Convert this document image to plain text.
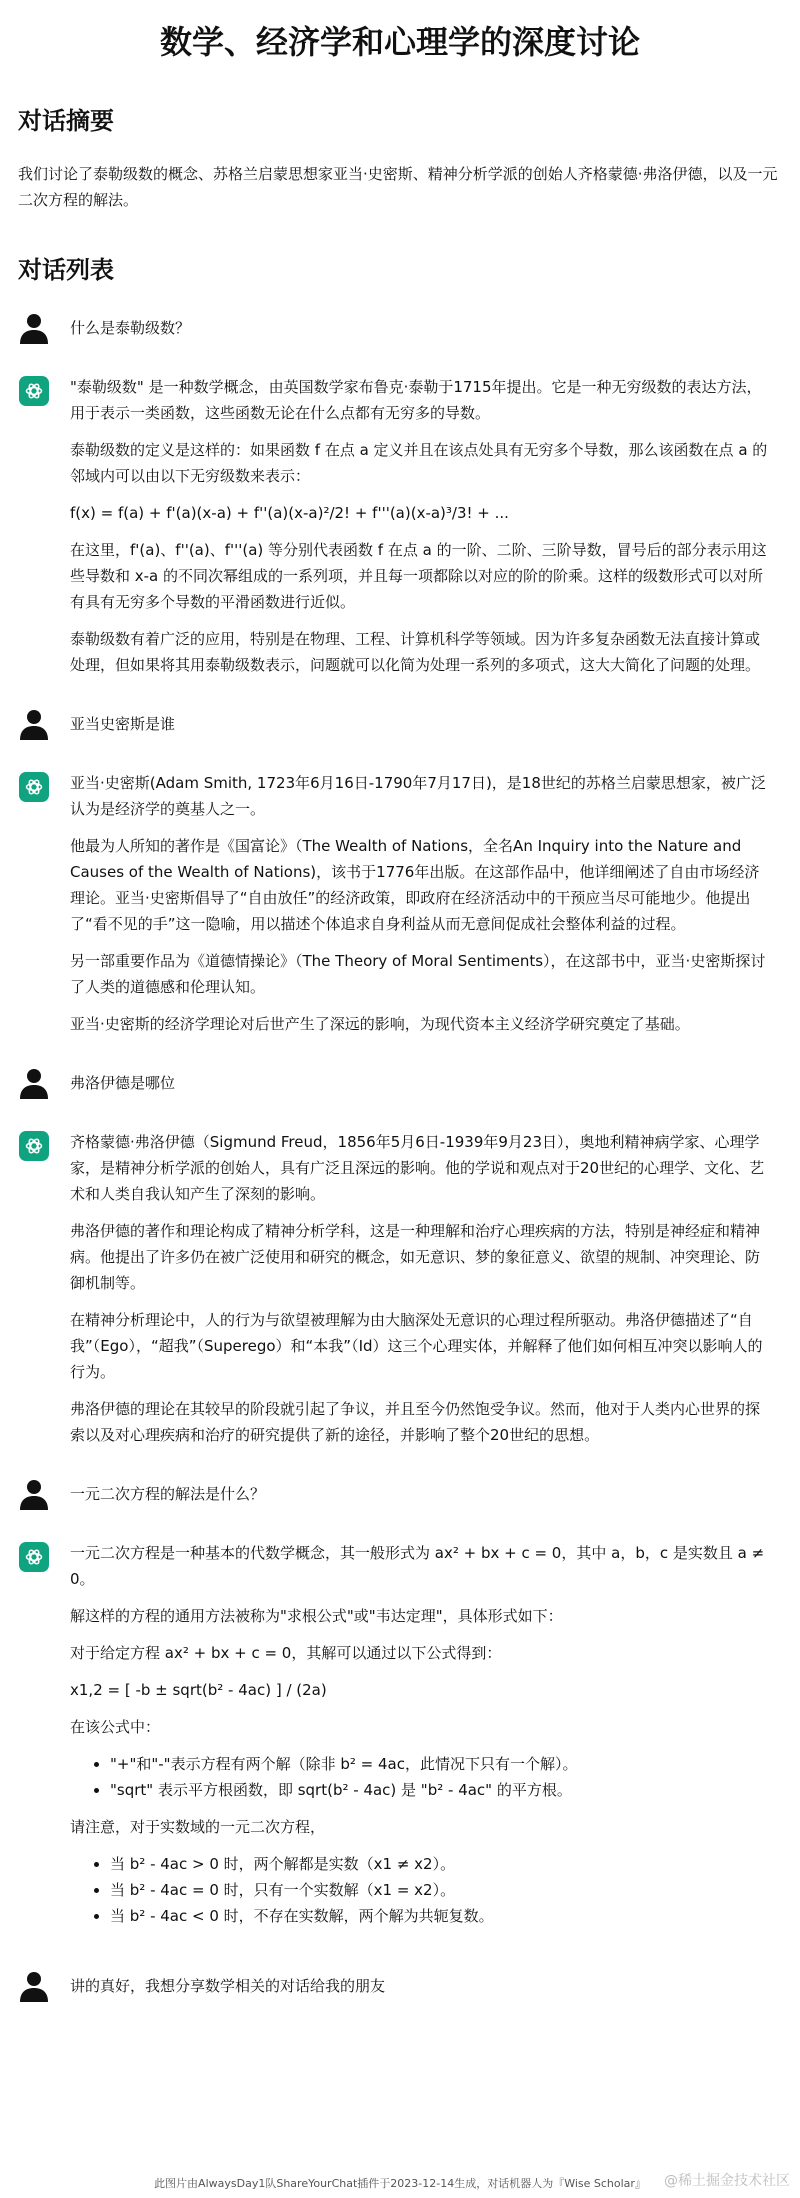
数学、经济学和心理学的深度讨论
对话摘要

我们讨论了泰勒级数的概念、苏格兰启蒙思想家亚当·史密斯、精神分析学派的创始人齐格蒙德·弗洛伊德，以及一元二次方程的解法。

对话列表
什么是泰勒级数？

"泰勒级数" 是一种数学概念，由英国数学家布鲁克·泰勒于1715年提出。它是一种无穷级数的表达方法，用于表示一类函数，这些函数无论在什么点都有无穷多的导数。

泰勒级数的定义是这样的：如果函数 f 在点 a 定义并且在该点处具有无穷多个导数，那么该函数在点 a 的邻域内可以由以下无穷级数来表示：

f(x) = f(a) + f'(a)(x-a) + f''(a)(x-a)²/2! + f'''(a)(x-a)³/3! + ...

在这里，f'(a)、f''(a)、f'''(a) 等分别代表函数 f 在点 a 的一阶、二阶、三阶导数，冒号后的部分表示用这些导数和 x-a 的不同次幂组成的一系列项，并且每一项都除以对应的阶的阶乘。这样的级数形式可以对所有具有无穷多个导数的平滑函数进行近似。

泰勒级数有着广泛的应用，特别是在物理、工程、计算机科学等领域。因为许多复杂函数无法直接计算或处理，但如果将其用泰勒级数表示，问题就可以化简为处理一系列的多项式，这大大简化了问题的处理。

亚当史密斯是谁

亚当·史密斯(Adam Smith, 1723年6月16日-1790年7月17日)，是18世纪的苏格兰启蒙思想家，被广泛认为是经济学的奠基人之一。

他最为人所知的著作是《国富论》（The Wealth of Nations，全名An Inquiry into the Nature and Causes of the Wealth of Nations)，该书于1776年出版。在这部作品中，他详细阐述了自由市场经济理论。亚当·史密斯倡导了“自由放任”的经济政策，即政府在经济活动中的干预应当尽可能地少。他提出了“看不见的手”这一隐喻，用以描述个体追求自身利益从而无意间促成社会整体利益的过程。

另一部重要作品为《道德情操论》（The Theory of Moral Sentiments），在这部书中，亚当·史密斯探讨了人类的道德感和伦理认知。

亚当·史密斯的经济学理论对后世产生了深远的影响，为现代资本主义经济学研究奠定了基础。

弗洛伊德是哪位

齐格蒙德·弗洛伊德（Sigmund Freud，1856年5月6日-1939年9月23日），奥地利精神病学家、心理学家，是精神分析学派的创始人，具有广泛且深远的影响。他的学说和观点对于20世纪的心理学、文化、艺术和人类自我认知产生了深刻的影响。

弗洛伊德的著作和理论构成了精神分析学科，这是一种理解和治疗心理疾病的方法，特别是神经症和精神病。他提出了许多仍在被广泛使用和研究的概念，如无意识、梦的象征意义、欲望的规制、冲突理论、防御机制等。

在精神分析理论中，人的行为与欲望被理解为由大脑深处无意识的心理过程所驱动。弗洛伊德描述了“自我”（Ego），“超我”（Superego）和“本我”（Id）这三个心理实体，并解释了他们如何相互冲突以影响人的行为。

弗洛伊德的理论在其较早的阶段就引起了争议，并且至今仍然饱受争议。然而，他对于人类内心世界的探索以及对心理疾病和治疗的研究提供了新的途径，并影响了整个20世纪的思想。

一元二次方程的解法是什么？

一元二次方程是一种基本的代数学概念，其一般形式为 ax² + bx + c = 0，其中 a，b，c 是实数且 a ≠ 0。

解这样的方程的通用方法被称为"求根公式"或"韦达定理"，具体形式如下：

对于给定方程 ax² + bx + c = 0，其解可以通过以下公式得到：

x1,2 = [ -b ± sqrt(b² - 4ac) ] / (2a)

在该公式中：

• "+"和"-"表示方程有两个解（除非 b² = 4ac，此情况下只有一个解）。
• "sqrt" 表示平方根函数，即 sqrt(b² - 4ac) 是 "b² - 4ac" 的平方根。

请注意，对于实数域的一元二次方程，

• 当 b² - 4ac > 0 时，两个解都是实数（x1 ≠ x2）。
• 当 b² - 4ac = 0 时，只有一个实数解（x1 = x2）。
• 当 b² - 4ac < 0 时，不存在实数解，两个解为共轭复数。
讲的真好，我想分享数学相关的对话给我的朋友
此图片由AlwaysDay1队ShareYourChat插件于2023-12-14生成，对话机器人为『Wise Scholar』	@稀土掘金技术社区
